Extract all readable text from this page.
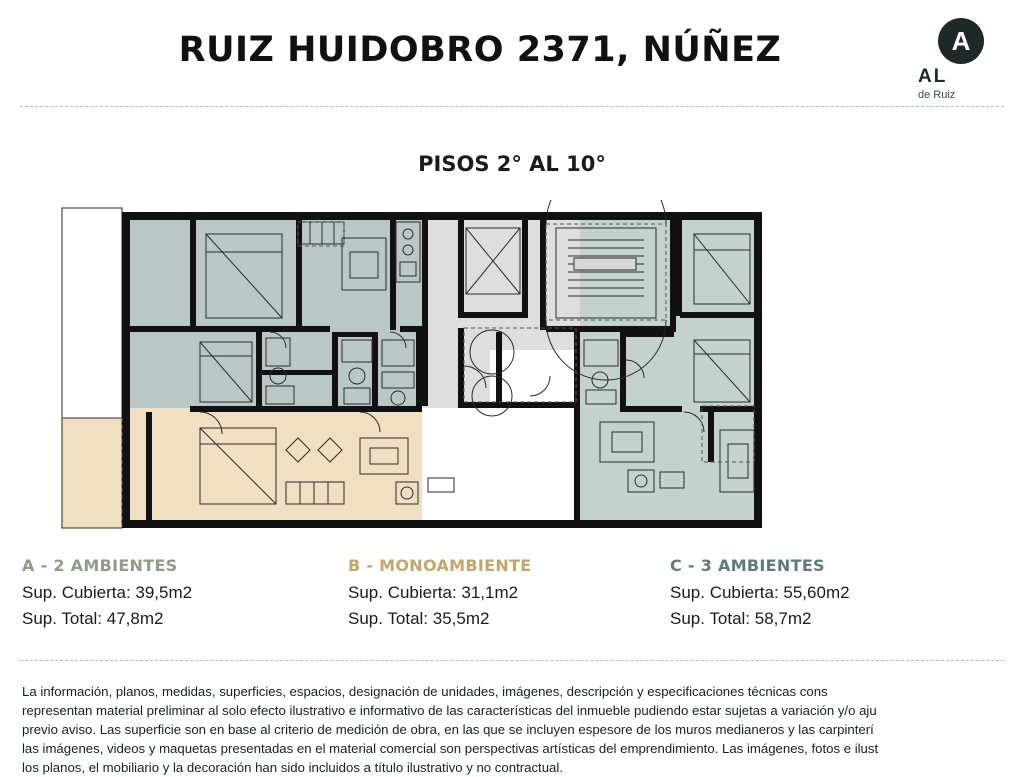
RUIZ HUIDOBRO 2371, NÚÑEZ	A
AL
de Ruiz
PISOS 2° AL 10°
A - 2 AMBIENTES
Sup. Cubierta: 39,5m2
Sup. Total: 47,8m2
B - MONOAMBIENTE
Sup. Cubierta: 31,1m2
Sup. Total: 35,5m2
C - 3 AMBIENTES
Sup. Cubierta: 55,60m2
Sup. Total: 58,7m2

La información, planos, medidas, superficies, espacios, designación de unidades, imágenes, descripción y especificaciones técnicas cons

representan material preliminar al solo efecto ilustrativo e informativo de las características del inmueble pudiendo estar sujetas a variación y/o aju

previo aviso. Las superficie son en base al criterio de medición de obra, en las que se incluyen espesore de los muros medianeros y las carpinterí

las imágenes, videos y maquetas presentadas en el material comercial son perspectivas artísticas del emprendimiento. Las imágenes, fotos e ilust

los planos, el mobiliario y la decoración han sido incluidos a título ilustrativo y no contractual.
